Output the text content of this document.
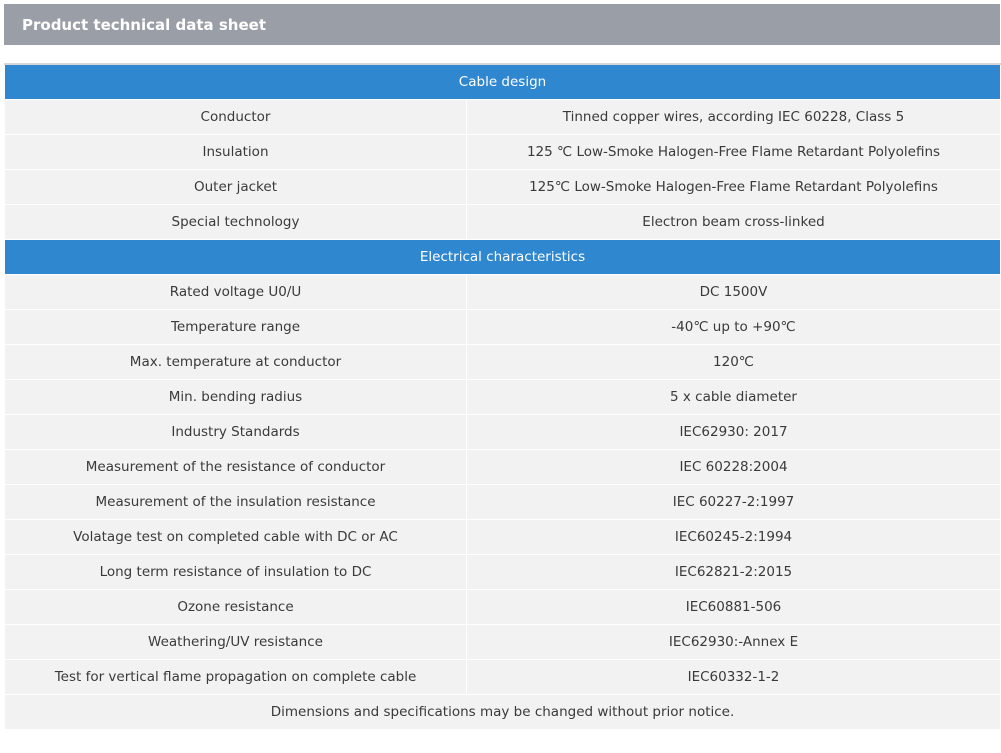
Product technical data sheet
Cable design	
Conductor	Tinned copper wires, according IEC 60228, Class 5
Insulation	125 ℃ Low-Smoke Halogen-Free Flame Retardant Polyolefins
Outer jacket	125℃ Low-Smoke Halogen-Free Flame Retardant Polyolefins
Special technology	Electron beam cross-linked
Electrical characteristics	
Rated voltage U0/U	DC 1500V
Temperature range	-40℃ up to +90℃
Max. temperature at conductor	120℃
Min. bending radius	5 x cable diameter
Industry Standards	IEC62930: 2017
Measurement of the resistance of conductor	IEC 60228:2004
Measurement of the insulation resistance	IEC 60227-2:1997
Volatage test on completed cable with DC or AC	IEC60245-2:1994
Long term resistance of insulation to DC	IEC62821-2:2015
Ozone resistance	IEC60881-506
Weathering/UV resistance	IEC62930:-Annex E
Test for vertical flame propagation on complete cable	IEC60332-1-2
Dimensions and specifications may be changed without prior notice.	
